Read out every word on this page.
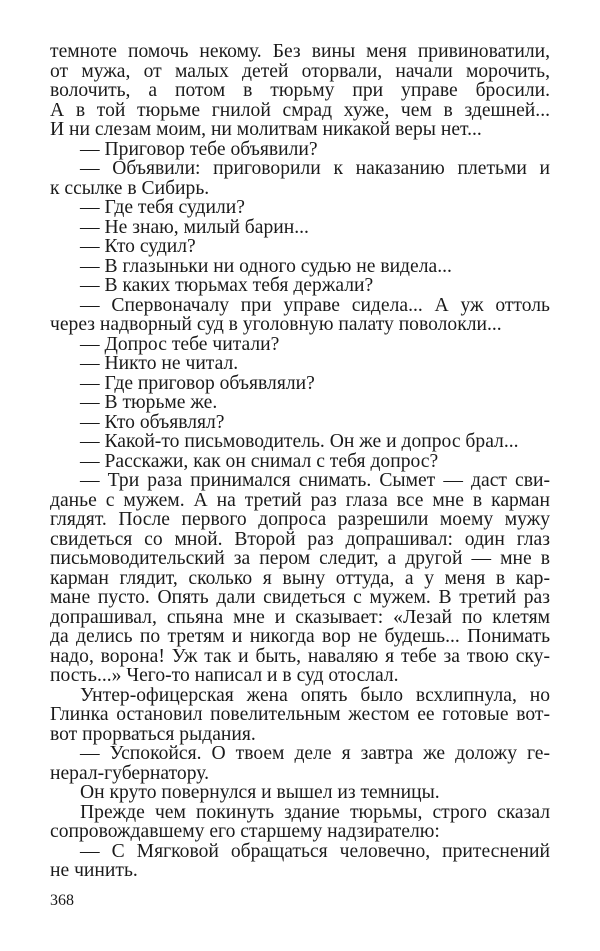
темноте помочь некому. Без вины меня привиноватили,
от мужа, от малых детей оторвали, начали морочить,
волочить, а потом в тюрьму при управе бросили.
А в той тюрьме гнилой смрад хуже, чем в здешней...
И ни слезам моим, ни молитвам никакой веры нет...
— Приговор тебе объявили?
— Объявили: приговорили к наказанию плетьми и
к ссылке в Сибирь.
— Где тебя судили?
— Не знаю, милый барин...
— Кто судил?
— В глазыньки ни одного судью не видела...
— В каких тюрьмах тебя держали?
— Спервоначалу при управе сидела... А уж оттоль
через надворный суд в уголовную палату поволокли...
— Допрос тебе читали?
— Никто не читал.
— Где приговор объявляли?
— В тюрьме же.
— Кто объявлял?
— Какой-то письмоводитель. Он же и допрос брал...
— Расскажи, как он снимал с тебя допрос?
— Три раза принимался снимать. Сымет — даст сви-
данье с мужем. А на третий раз глаза все мне в карман
глядят. После первого допроса разрешили моему мужу
свидеться со мной. Второй раз допрашивал: один глаз
письмоводительский за пером следит, а другой — мне в
карман глядит, сколько я выну оттуда, а у меня в кар-
мане пусто. Опять дали свидеться с мужем. В третий раз
допрашивал, спьяна мне и сказывает: «Лезай по клетям
да делись по третям и никогда вор не будешь... Понимать
надо, ворона! Уж так и быть, наваляю я тебе за твою ску-
пость...» Чего-то написал и в суд отослал.
Унтер-офицерская жена опять было всхлипнула, но
Глинка остановил повелительным жестом ее готовые вот-
вот прорваться рыдания.
— Успокойся. О твоем деле я завтра же доложу ге-
нерал-губернатору.
Он круто повернулся и вышел из темницы.
Прежде чем покинуть здание тюрьмы, строго сказал
сопровождавшему его старшему надзирателю:
— С Мягковой обращаться человечно, притеснений
не чинить.
368
